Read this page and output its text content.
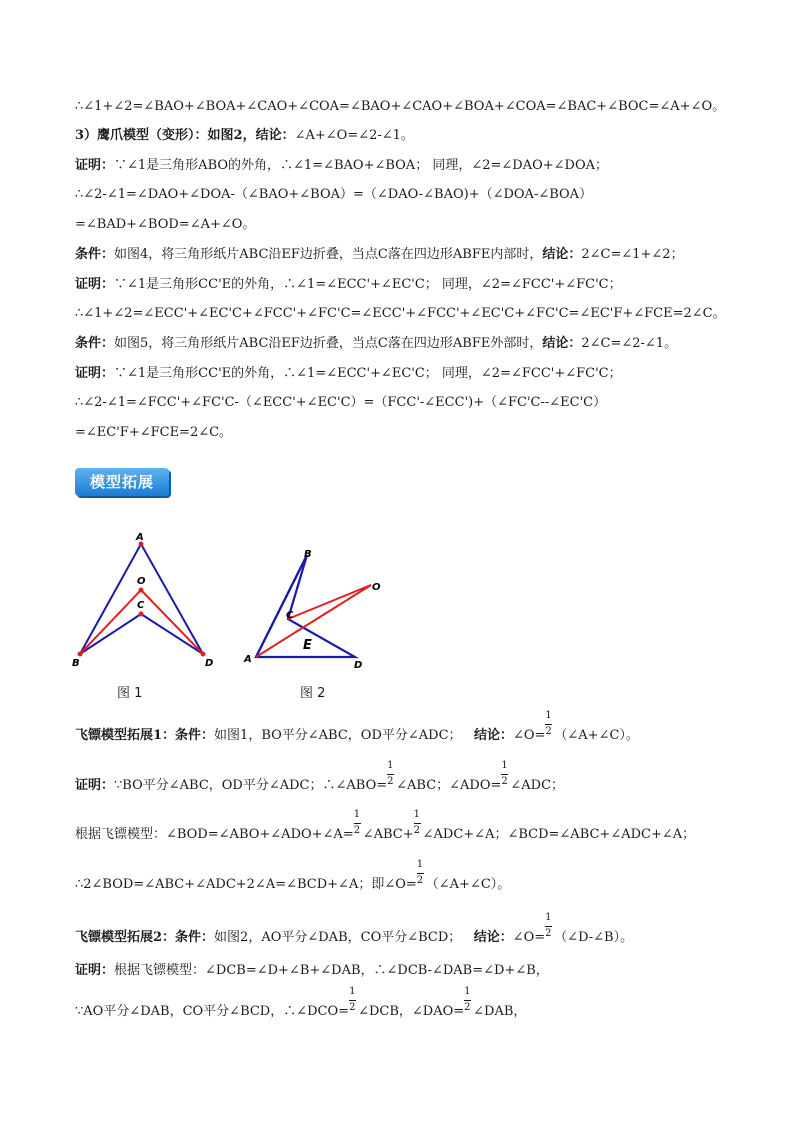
∴∠1+∠2=∠BAO+∠BOA+∠CAO+∠COA=∠BAO+∠CAO+∠BOA+∠COA=∠BAC+∠BOC=∠A+∠O。
3）鹰爪模型（变形）：如图2，结论：∠A+∠O=∠2-∠1。
证明：∵∠1是三角形ABO的外角，∴∠1=∠BAO+∠BOA； 同理，∠2=∠DAO+∠DOA；
∴∠2-∠1=∠DAO+∠DOA-（∠BAO+∠BOA）=（∠DAO-∠BAO)+（∠DOA-∠BOA）
=∠BAD+∠BOD=∠A+∠O。
条件：如图4，将三角形纸片ABC沿EF边折叠，当点C落在四边形ABFE内部时，结论：2∠C=∠1+∠2；
证明：∵∠1是三角形CC'E的外角，∴∠1=∠ECC'+∠EC'C； 同理，∠2=∠FCC'+∠FC'C；
∴∠1+∠2=∠ECC'+∠EC'C+∠FCC'+∠FC'C=∠ECC'+∠FCC'+∠EC'C+∠FC'C=∠EC'F+∠FCE=2∠C。
条件：如图5，将三角形纸片ABC沿EF边折叠，当点C落在四边形ABFE外部时，结论：2∠C=∠2-∠1。
证明：∵∠1是三角形CC'E的外角，∴∠1=∠ECC'+∠EC'C； 同理，∠2=∠FCC'+∠FC'C；
∴∠2-∠1=∠FCC'+∠FC'C-（∠ECC'+∠EC'C）=（FCC'-∠ECC')+（∠FC'C--∠EC'C）
=∠EC'F+∠FCE=2∠C。
模型拓展
A
O
C
B	D
图 1
B
O
C
E
A
D
图 2
飞镖模型拓展1：条件：如图1，BO平分∠ABC，OD平分∠ADC； 结论：∠O= $\frac{1}{2}$ （∠A+∠C）。
证明：∵BO平分∠ABC，OD平分∠ADC；∴∠ABO= $\frac{1}{2}$ ∠ABC；∠ADO= $\frac{1}{2}$ ∠ADC；
根据飞镖模型：∠BOD=∠ABO+∠ADO+∠A= $\frac{1}{2}$ ∠ABC+ $\frac{1}{2}$ ∠ADC+∠A；∠BCD=∠ABC+∠ADC+∠A；
∴2∠BOD=∠ABC+∠ADC+2∠A=∠BCD+∠A；即∠O= $\frac{1}{2}$ （∠A+∠C）。
飞镖模型拓展2：条件：如图2，AO平分∠DAB，CO平分∠BCD； 结论：∠O= $\frac{1}{2}$ （∠D-∠B）。
证明：根据飞镖模型：∠DCB=∠D+∠B+∠DAB，∴∠DCB-∠DAB=∠D+∠B，
∵AO平分∠DAB，CO平分∠BCD，∴∠DCO= $\frac{1}{2}$ ∠DCB，∠DAO= $\frac{1}{2}$ ∠DAB，
